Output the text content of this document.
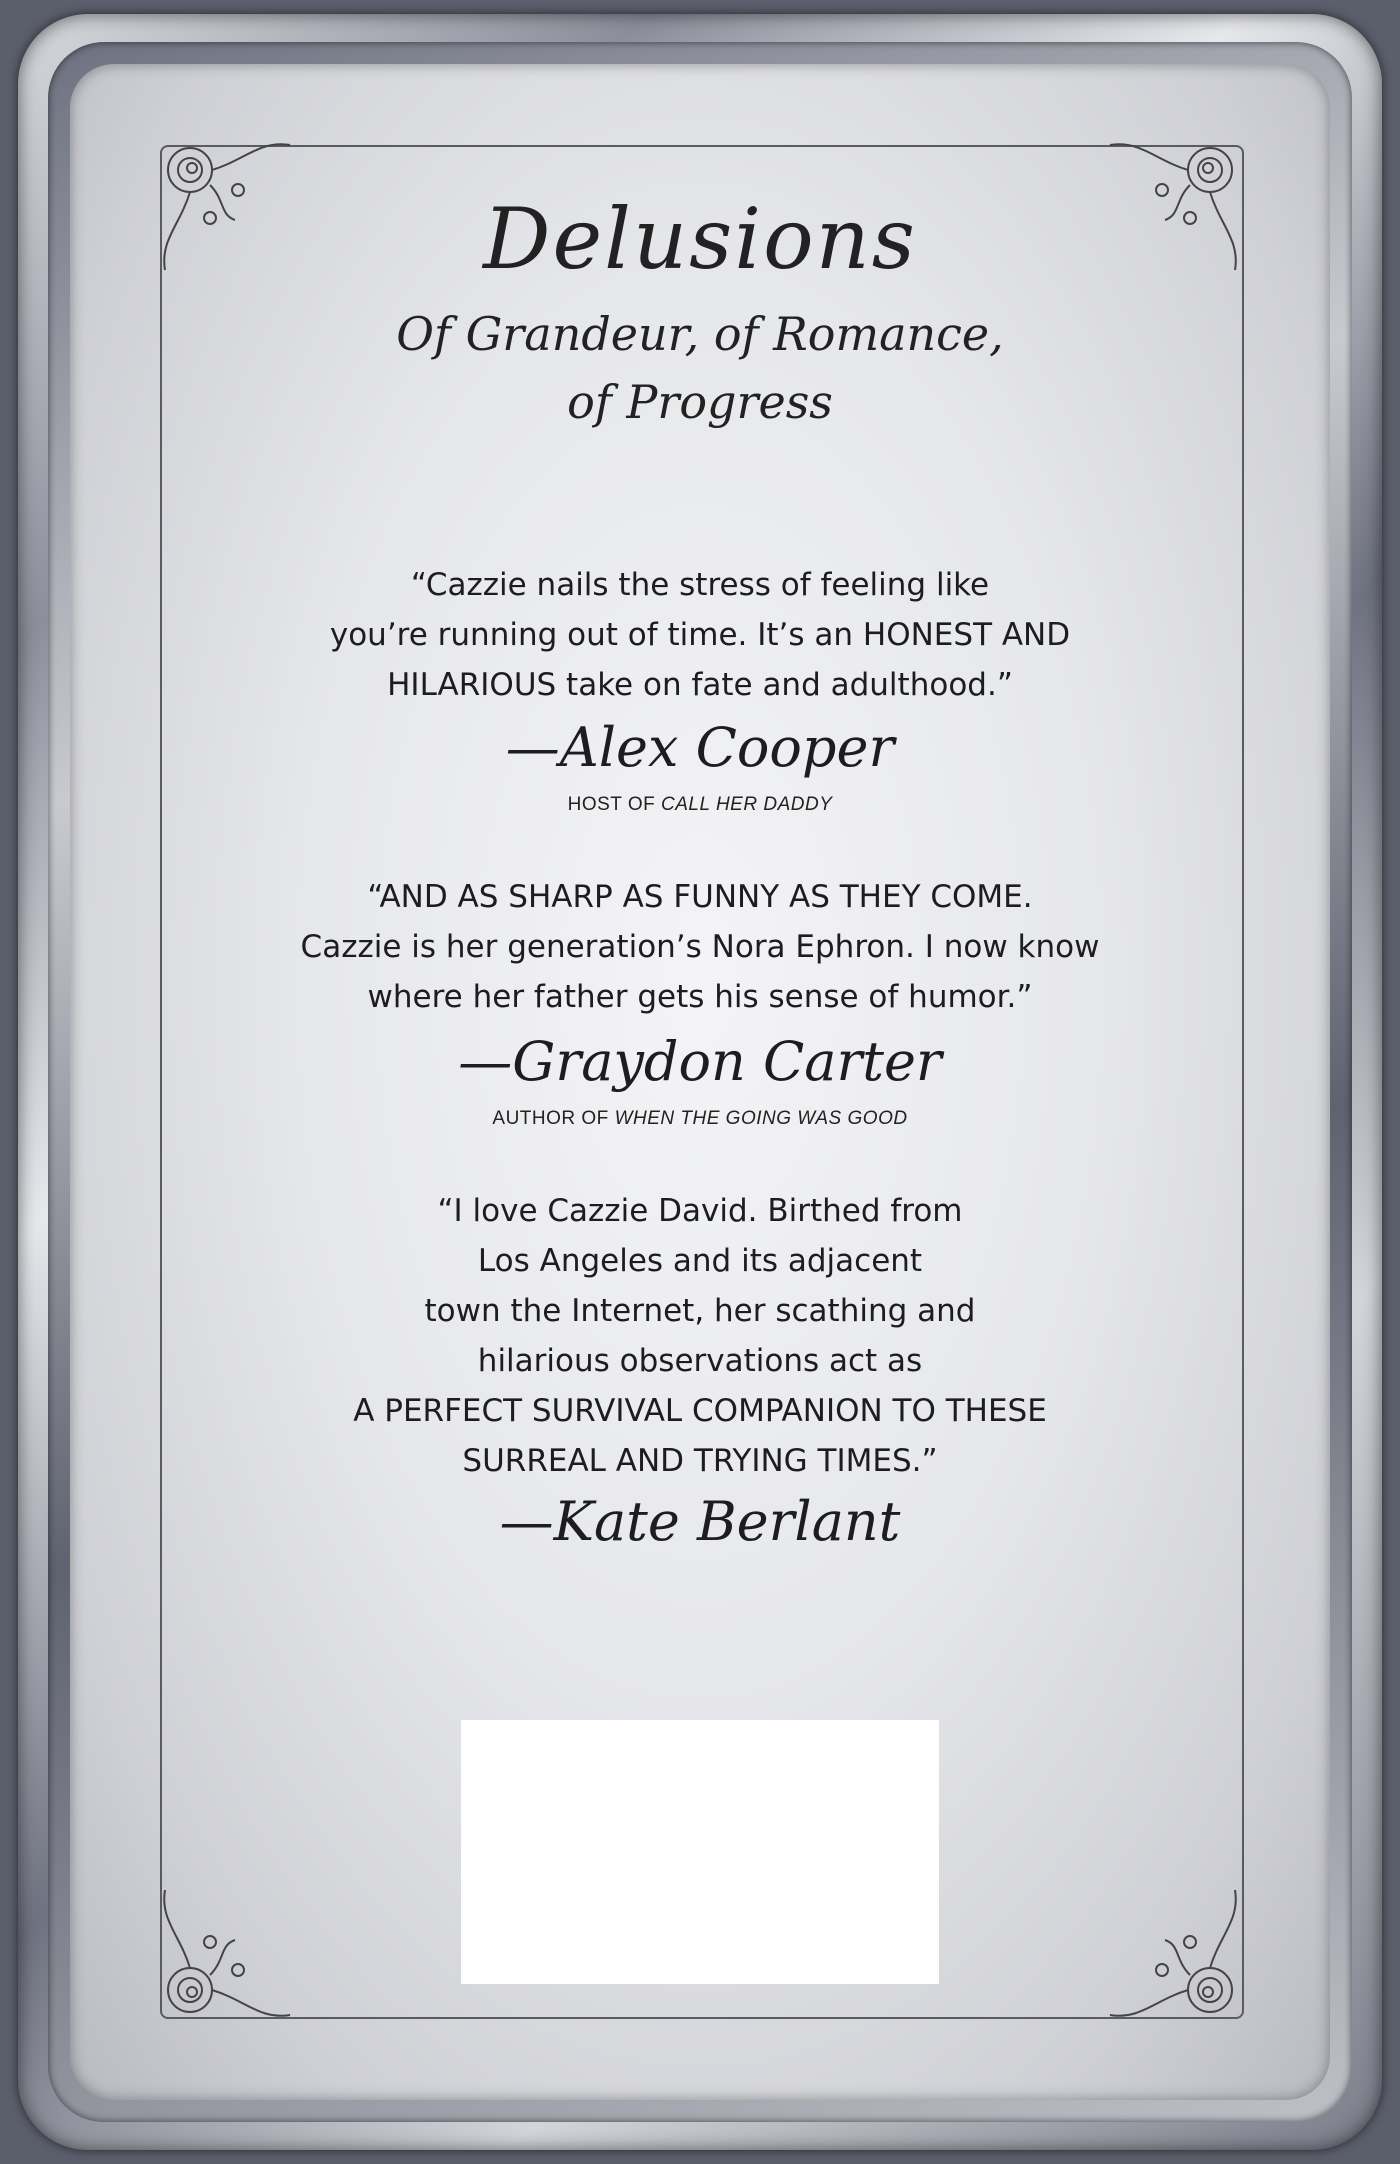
Delusions
Of Grandeur, of Romance,
of Progress
“Cazzie nails the stress of feeling like
you’re running out of time. It’s an HONEST AND
HILARIOUS take on fate and adulthood.”
—Alex Cooper
HOST OF CALL HER DADDY
“AND AS SHARP AS FUNNY AS THEY COME.
Cazzie is her generation’s Nora Ephron. I now know
where her father gets his sense of humor.”
—Graydon Carter
AUTHOR OF WHEN THE GOING WAS GOOD
“I love Cazzie David. Birthed from
Los Angeles and its adjacent
town the Internet, her scathing and
hilarious observations act as
A PERFECT SURVIVAL COMPANION TO THESE
SURREAL AND TRYING TIMES.”
—Kate Berlant
